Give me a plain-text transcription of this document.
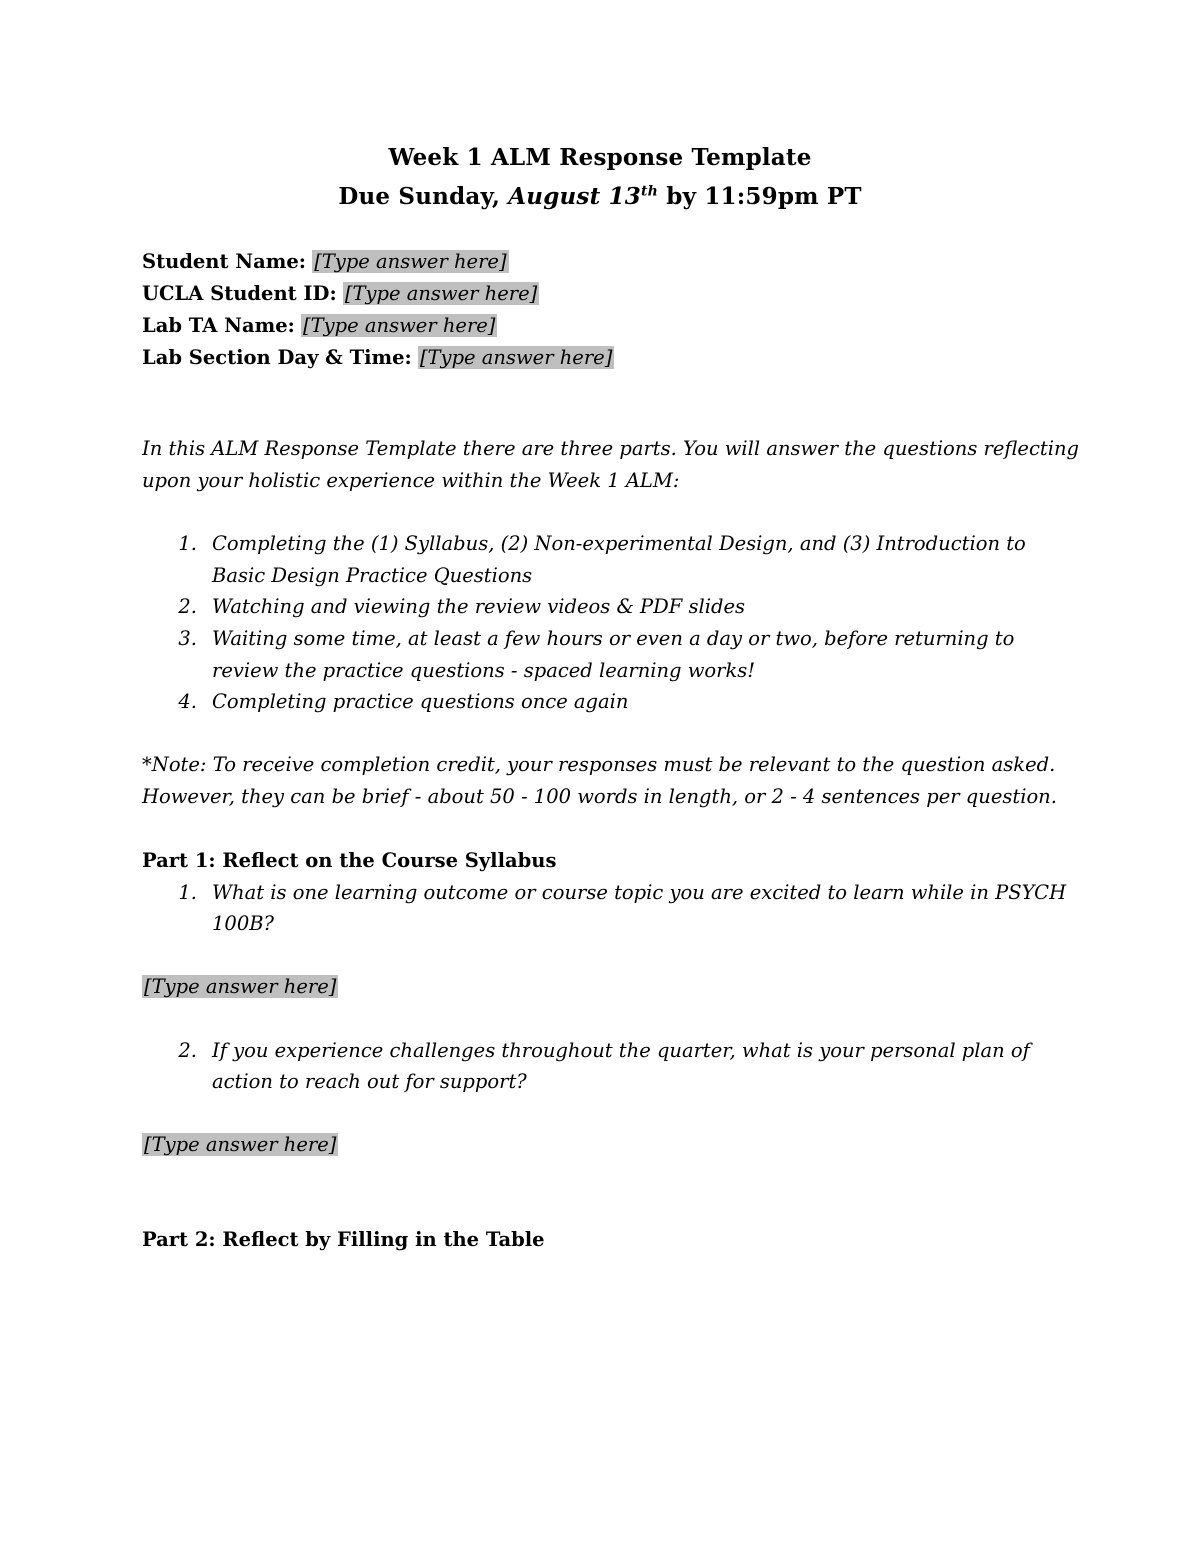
Week 1 ALM Response Template
Due Sunday, August 13th by 11:59pm PT
Student Name: [Type answer here]
UCLA Student ID: [Type answer here]
Lab TA Name: [Type answer here]
Lab Section Day & Time: [Type answer here]
In this ALM Response Template there are three parts. You will answer the questions reflecting
upon your holistic experience within the Week 1 ALM:
1. Completing the (1) Syllabus, (2) Non-experimental Design, and (3) Introduction to
Basic Design Practice Questions
2. Watching and viewing the review videos & PDF slides
3. Waiting some time, at least a few hours or even a day or two, before returning to
review the practice questions - spaced learning works!
4. Completing practice questions once again
*Note: To receive completion credit, your responses must be relevant to the question asked.
However, they can be brief - about 50 - 100 words in length, or 2 - 4 sentences per question.
Part 1: Reflect on the Course Syllabus
1. What is one learning outcome or course topic you are excited to learn while in PSYCH
100B?
[Type answer here]
2. If you experience challenges throughout the quarter, what is your personal plan of
action to reach out for support?
[Type answer here]
Part 2: Reflect by Filling in the Table
